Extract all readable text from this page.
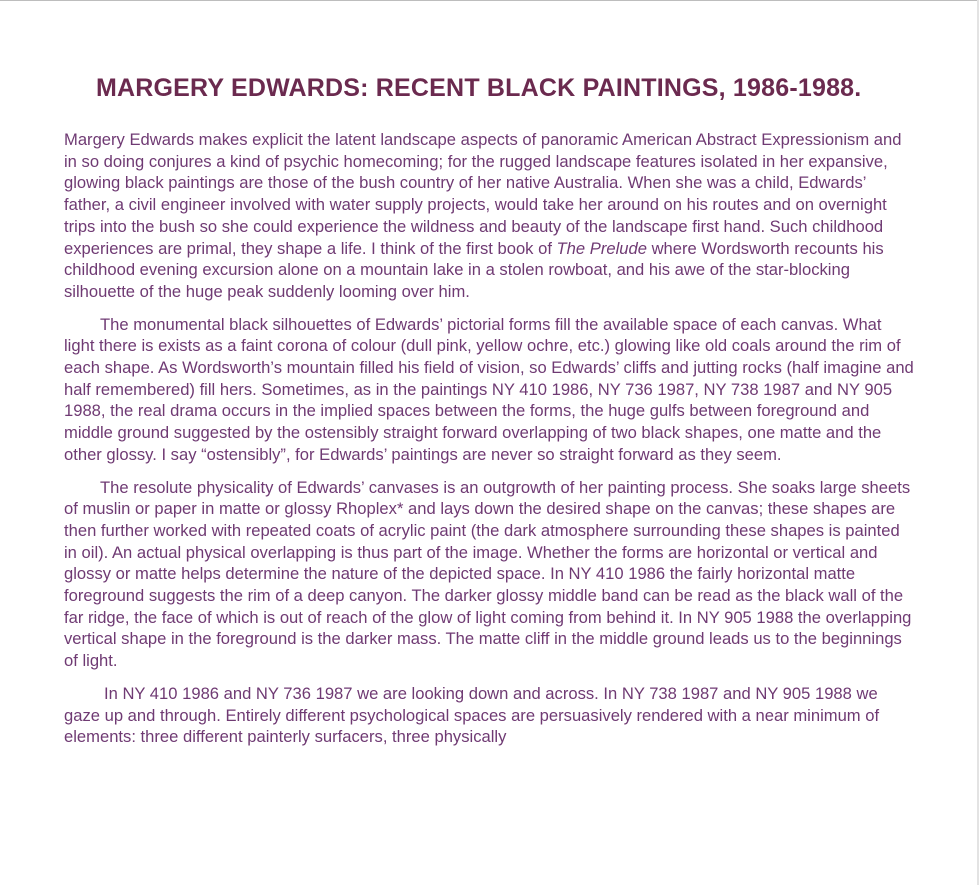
MARGERY EDWARDS: RECENT BLACK PAINTINGS, 1986-1988.

Margery Edwards makes explicit the latent landscape aspects of panoramic American Abstract Expressionism and in so doing conjures a kind of psychic homecoming; for the rugged landscape features isolated in her expansive, glowing black paintings are those of the bush country of her native Australia. When she was a child, Edwards’ father, a civil engineer involved with water supply projects, would take her around on his routes and on overnight trips into the bush so she could experience the wildness and beauty of the landscape first hand. Such childhood experiences are primal, they shape a life. I think of the first book of The Prelude where Wordsworth recounts his childhood evening excursion alone on a mountain lake in a stolen rowboat, and his awe of the star-blocking silhouette of the huge peak suddenly looming over him.

The monumental black silhouettes of Edwards’ pictorial forms fill the available space of each canvas. What light there is exists as a faint corona of colour (dull pink, yellow ochre, etc.) glowing like old coals around the rim of each shape. As Wordsworth’s mountain filled his field of vision, so Edwards’ cliffs and jutting rocks (half imagine and half remembered) fill hers. Sometimes, as in the paintings NY 410 1986, NY 736 1987, NY 738 1987 and NY 905 1988, the real drama occurs in the implied spaces between the forms, the huge gulfs between foreground and middle ground suggested by the ostensibly straight forward overlapping of two black shapes, one matte and the other glossy. I say “ostensibly”, for Edwards’ paintings are never so straight forward as they seem.

The resolute physicality of Edwards’ canvases is an outgrowth of her painting process. She soaks large sheets of muslin or paper in matte or glossy Rhoplex* and lays down the desired shape on the canvas; these shapes are then further worked with repeated coats of acrylic paint (the dark atmosphere surrounding these shapes is painted in oil). An actual physical overlapping is thus part of the image. Whether the forms are horizontal or vertical and glossy or matte helps determine the nature of the depicted space. In NY 410 1986 the fairly horizontal matte foreground suggests the rim of a deep canyon. The darker glossy middle band can be read as the black wall of the far ridge, the face of which is out of reach of the glow of light coming from behind it. In NY 905 1988 the overlapping vertical shape in the foreground is the darker mass. The matte cliff in the middle ground leads us to the beginnings of light.

In NY 410 1986 and NY 736 1987 we are looking down and across. In NY 738 1987 and NY 905 1988 we gaze up and through. Entirely different psychological spaces are persuasively rendered with a near minimum of elements: three different painterly surfacers, three physically
